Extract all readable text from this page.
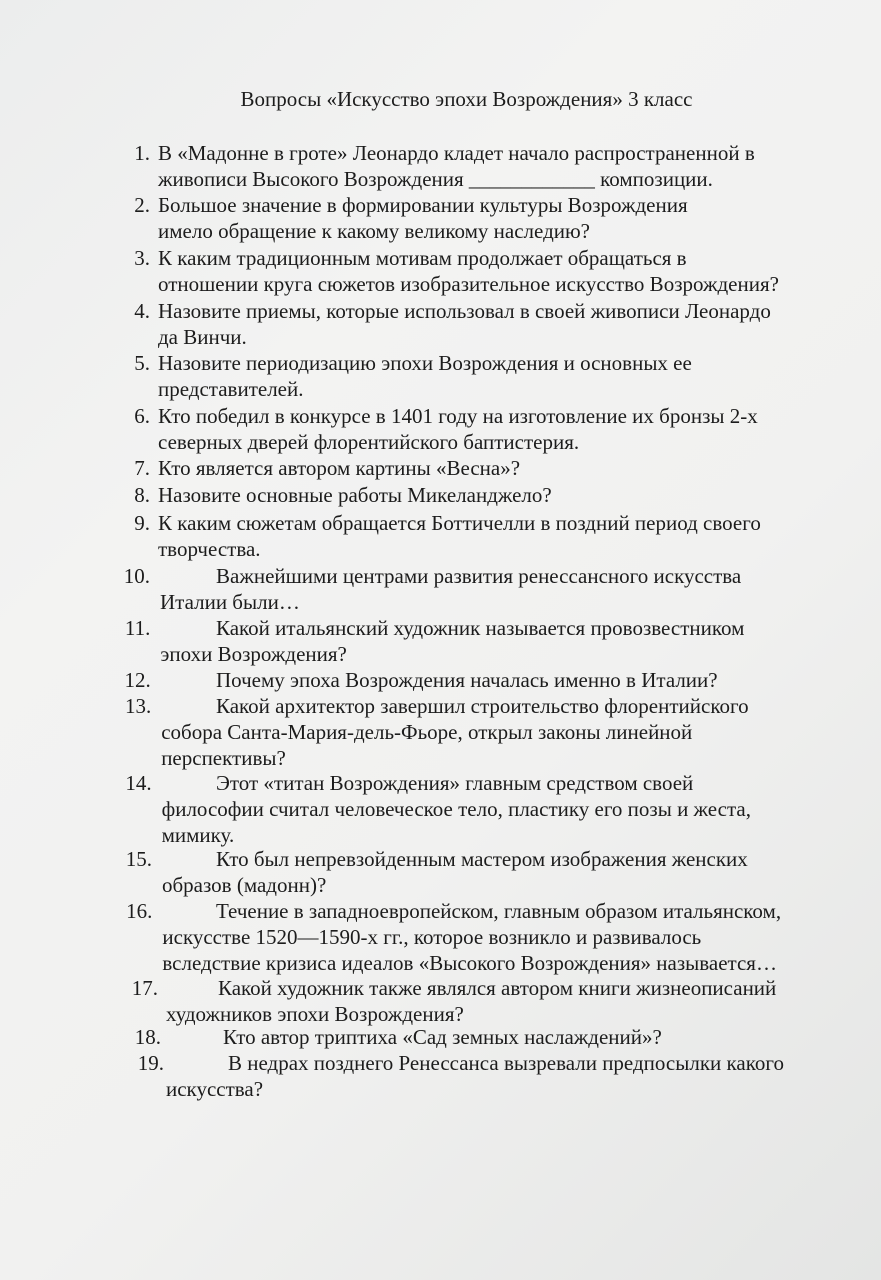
Вопросы «Искусство эпохи Возрождения» 3 класс
1. В «Мадонне в гроте» Леонардо кладет начало распространенной в
живописи Высокого Возрождения ____________ композиции.
2. Большое значение в формировании культуры Возрождения
имело обращение к какому великому наследию?
3. К каким традиционным мотивам продолжает обращаться в
отношении круга сюжетов изобразительное искусство Возрождения?
4. Назовите приемы, которые использовал в своей живописи Леонардо
да Винчи.
5. Назовите периодизацию эпохи Возрождения и основных ее
представителей.
6. Кто победил в конкурсе в 1401 году на изготовление их бронзы 2-х
северных дверей флорентийского баптистерия.
7. Кто является автором картины «Весна»?
8. Назовите основные работы Микеланджело?
9. К каким сюжетам обращается Боттичелли в поздний период своего
творчества.
10.	Важнейшими центрами развития ренессансного искусства
Италии были…
11.	Какой итальянский художник называется провозвестником
эпохи Возрождения?
12.	Почему эпоха Возрождения началась именно в Италии?
13.	Какой архитектор завершил строительство флорентийского
собора Санта-Мария-дель-Фьоре, открыл законы линейной
перспективы?
14.	Этот «титан Возрождения» главным средством своей
философии считал человеческое тело, пластику его позы и жеста,
мимику.
15.	Кто был непревзойденным мастером изображения женских
образов (мадонн)?
16.	Течение в западноевропейском, главным образом итальянском,
искусстве 1520—1590-х гг., которое возникло и развивалось
вследствие кризиса идеалов «Высокого Возрождения» называется…
17.	Какой художник также являлся автором книги жизнеописаний
художников эпохи Возрождения?
18.	Кто автор триптиха «Сад земных наслаждений»?
19.	В недрах позднего Ренессанса вызревали предпосылки какого
искусства?
